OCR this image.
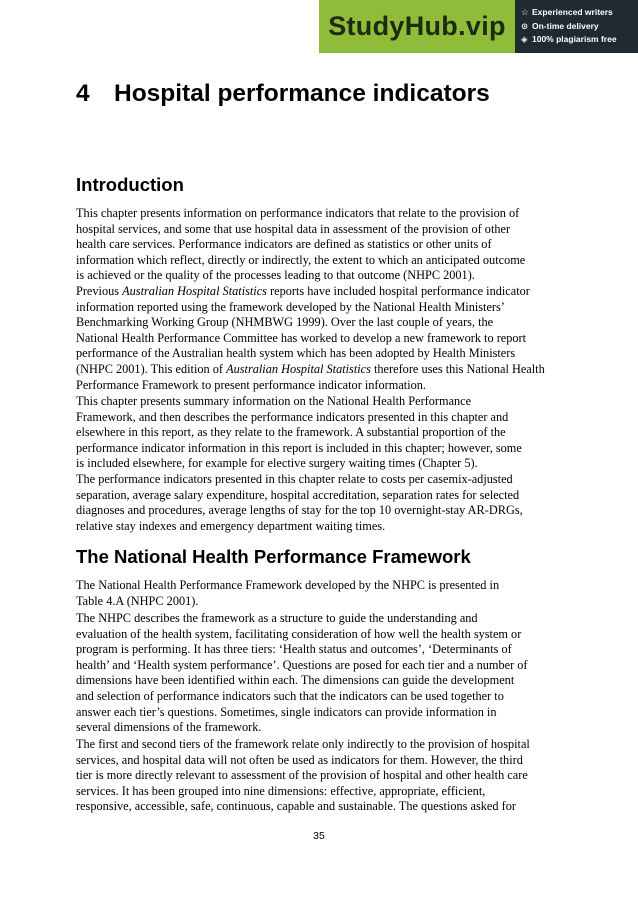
StudyHub.vip	☆ Experienced writers
⊙ On-time delivery
◈ 100% plagiarism free
4 Hospital performance indicators
Introduction

This chapter presents information on performance indicators that relate to the provision of
hospital services, and some that use hospital data in assessment of the provision of other
health care services. Performance indicators are defined as statistics or other units of
information which reflect, directly or indirectly, the extent to which an anticipated outcome
is achieved or the quality of the processes leading to that outcome (NHPC 2001).

Previous Australian Hospital Statistics reports have included hospital performance indicator
information reported using the framework developed by the National Health Ministers’
Benchmarking Working Group (NHMBWG 1999). Over the last couple of years, the
National Health Performance Committee has worked to develop a new framework to report
performance of the Australian health system which has been adopted by Health Ministers
(NHPC 2001). This edition of Australian Hospital Statistics therefore uses this National Health
Performance Framework to present performance indicator information.

This chapter presents summary information on the National Health Performance
Framework, and then describes the performance indicators presented in this chapter and
elsewhere in this report, as they relate to the framework. A substantial proportion of the
performance indicator information in this report is included in this chapter; however, some
is included elsewhere, for example for elective surgery waiting times (Chapter 5).

The performance indicators presented in this chapter relate to costs per casemix-adjusted
separation, average salary expenditure, hospital accreditation, separation rates for selected
diagnoses and procedures, average lengths of stay for the top 10 overnight-stay AR-DRGs,
relative stay indexes and emergency department waiting times.

The National Health Performance Framework

The National Health Performance Framework developed by the NHPC is presented in
Table 4.A (NHPC 2001).

The NHPC describes the framework as a structure to guide the understanding and
evaluation of the health system, facilitating consideration of how well the health system or
program is performing. It has three tiers: ‘Health status and outcomes’, ‘Determinants of
health’ and ‘Health system performance’. Questions are posed for each tier and a number of
dimensions have been identified within each. The dimensions can guide the development
and selection of performance indicators such that the indicators can be used together to
answer each tier’s questions. Sometimes, single indicators can provide information in
several dimensions of the framework.

The first and second tiers of the framework relate only indirectly to the provision of hospital
services, and hospital data will not often be used as indicators for them. However, the third
tier is more directly relevant to assessment of the provision of hospital and other health care
services. It has been grouped into nine dimensions: effective, appropriate, efficient,
responsive, accessible, safe, continuous, capable and sustainable. The questions asked for

35
